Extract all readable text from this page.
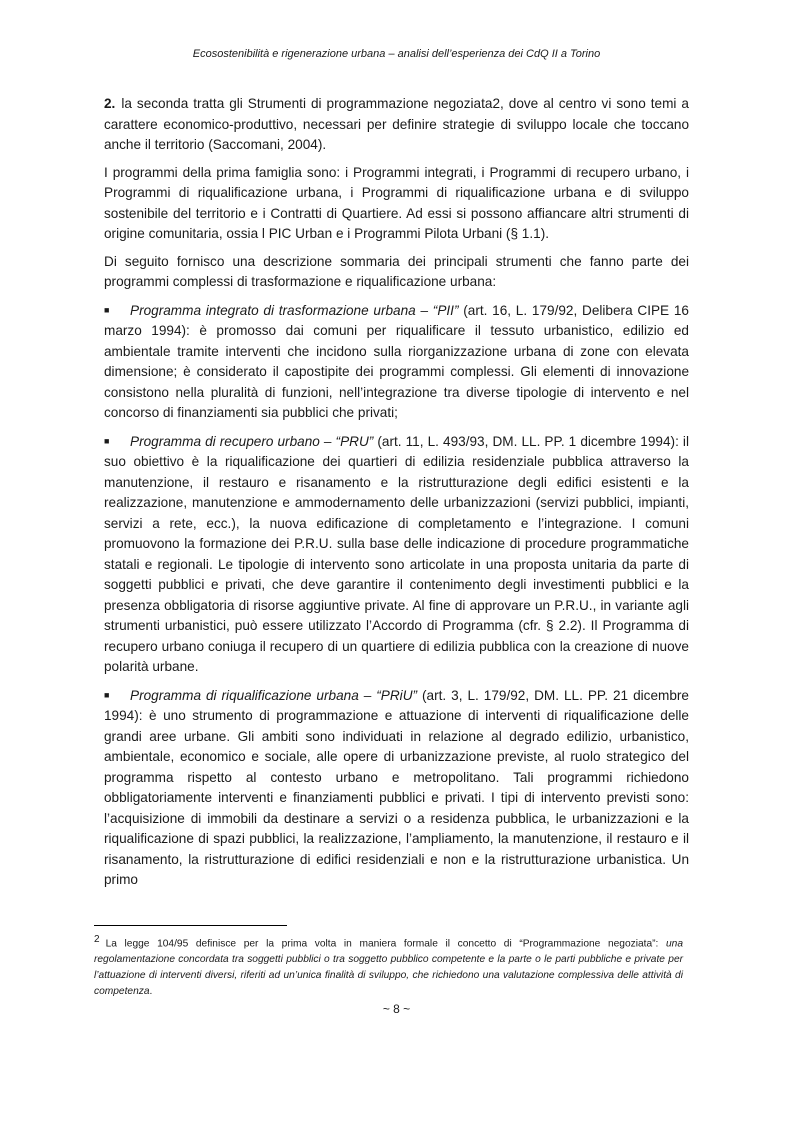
Ecosostenibilità e rigenerazione urbana – analisi dell’esperienza dei CdQ II a Torino

2. la seconda tratta gli Strumenti di programmazione negoziata2, dove al centro vi sono temi a carattere economico-produttivo, necessari per definire strategie di sviluppo locale che toccano anche il territorio (Saccomani, 2004).

I programmi della prima famiglia sono: i Programmi integrati, i Programmi di recupero urbano, i Programmi di riqualificazione urbana, i Programmi di riqualificazione urbana e di sviluppo sostenibile del territorio e i Contratti di Quartiere. Ad essi si possono affiancare altri strumenti di origine comunitaria, ossia l PIC Urban e i Programmi Pilota Urbani (§ 1.1).

Di seguito fornisco una descrizione sommaria dei principali strumenti che fanno parte dei programmi complessi di trasformazione e riqualificazione urbana:

■ Programma integrato di trasformazione urbana – “PII” (art. 16, L. 179/92, Delibera CIPE 16 marzo 1994): è promosso dai comuni per riqualificare il tessuto urbanistico, edilizio ed ambientale tramite interventi che incidono sulla riorganizzazione urbana di zone con elevata dimensione; è considerato il capostipite dei programmi complessi. Gli elementi di innovazione consistono nella pluralità di funzioni, nell’integrazione tra diverse tipologie di intervento e nel concorso di finanziamenti sia pubblici che privati;

■ Programma di recupero urbano – “PRU” (art. 11, L. 493/93, DM. LL. PP. 1 dicembre 1994): il suo obiettivo è la riqualificazione dei quartieri di edilizia residenziale pubblica attraverso la manutenzione, il restauro e risanamento e la ristrutturazione degli edifici esistenti e la realizzazione, manutenzione e ammodernamento delle urbanizzazioni (servizi pubblici, impianti, servizi a rete, ecc.), la nuova edificazione di completamento e l’integrazione. I comuni promuovono la formazione dei P.R.U. sulla base delle indicazione di procedure programmatiche statali e regionali. Le tipologie di intervento sono articolate in una proposta unitaria da parte di soggetti pubblici e privati, che deve garantire il contenimento degli investimenti pubblici e la presenza obbligatoria di risorse aggiuntive private. Al fine di approvare un P.R.U., in variante agli strumenti urbanistici, può essere utilizzato l’Accordo di Programma (cfr. § 2.2). Il Programma di recupero urbano coniuga il recupero di un quartiere di edilizia pubblica con la creazione di nuove polarità urbane.

■ Programma di riqualificazione urbana – “PRiU” (art. 3, L. 179/92, DM. LL. PP. 21 dicembre 1994): è uno strumento di programmazione e attuazione di interventi di riqualificazione delle grandi aree urbane. Gli ambiti sono individuati in relazione al degrado edilizio, urbanistico, ambientale, economico e sociale, alle opere di urbanizzazione previste, al ruolo strategico del programma rispetto al contesto urbano e metropolitano. Tali programmi richiedono obbligatoriamente interventi e finanziamenti pubblici e privati. I tipi di intervento previsti sono: l’acquisizione di immobili da destinare a servizi o a residenza pubblica, le urbanizzazioni e la riqualificazione di spazi pubblici, la realizzazione, l’ampliamento, la manutenzione, il restauro e il risanamento, la ristrutturazione di edifici residenziali e non e la ristrutturazione urbanistica. Un primo

$^2$ La legge 104/95 definisce per la prima volta in maniera formale il concetto di “Programmazione negoziata”: una regolamentazione concordata tra soggetti pubblici o tra soggetto pubblico competente e la parte o le parti pubbliche e private per l’attuazione di interventi diversi, riferiti ad un’unica finalità di sviluppo, che richiedono una valutazione complessiva delle attività di competenza.
~ 8 ~
